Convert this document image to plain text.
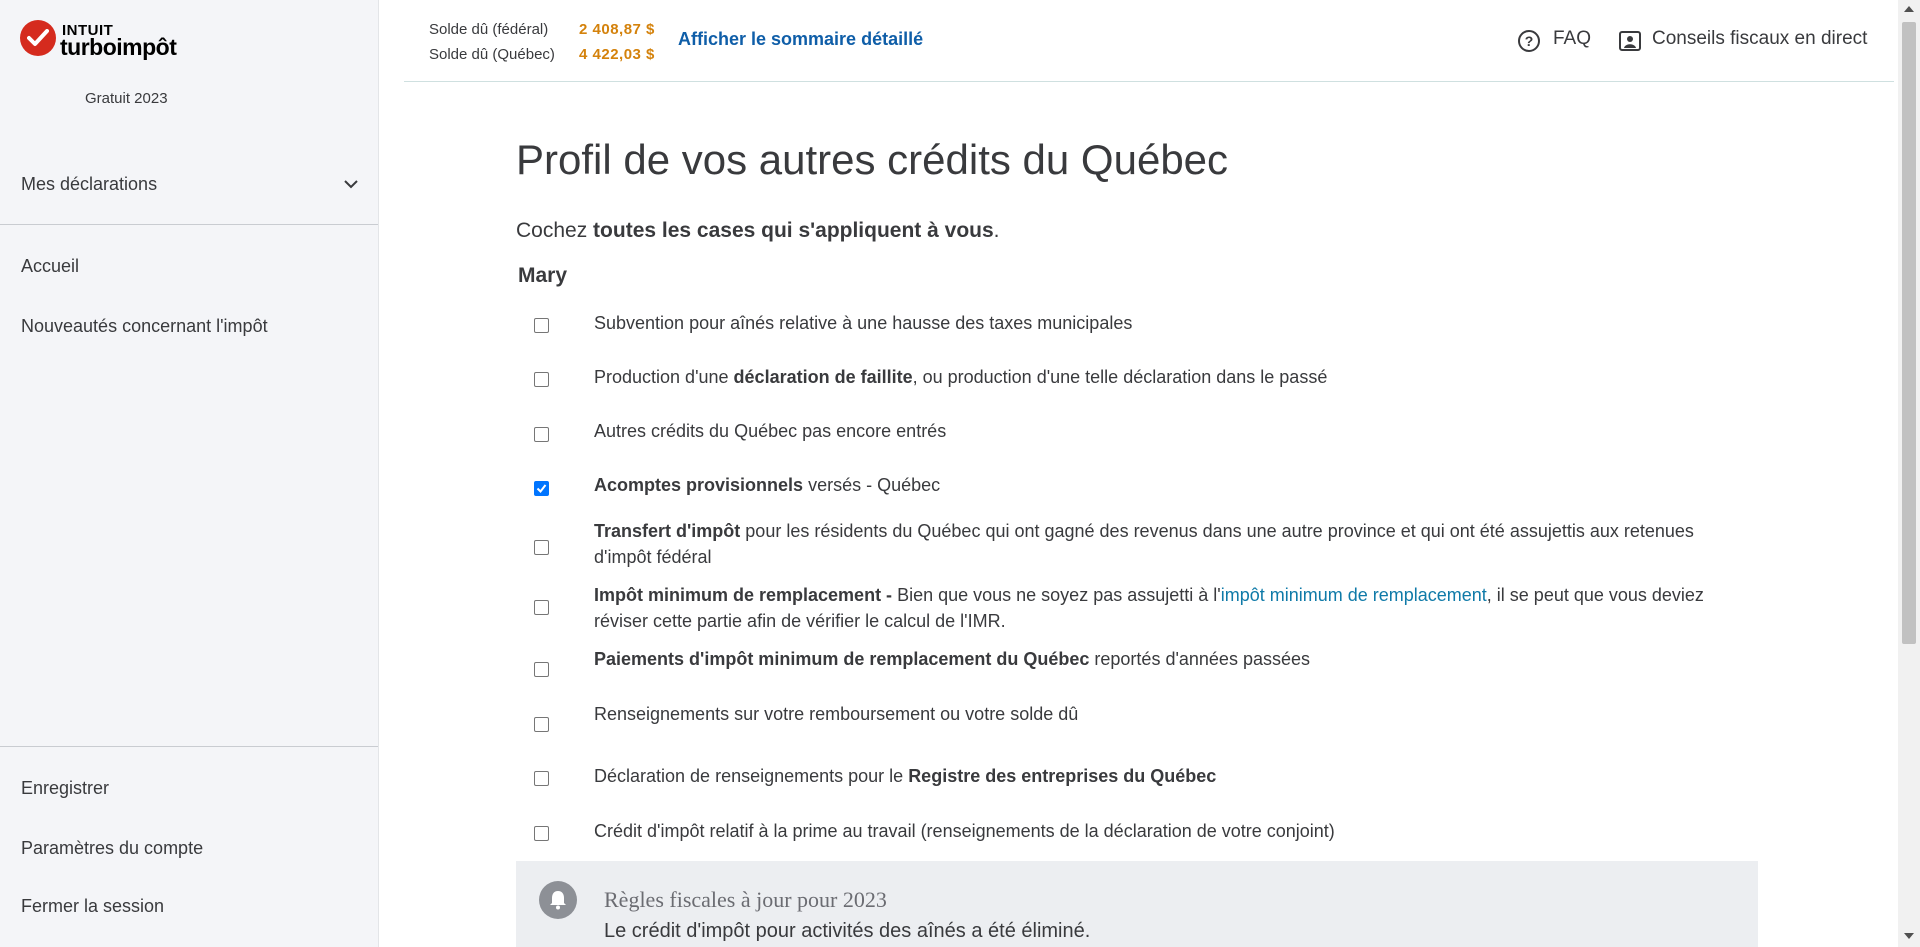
INTUIT
turboimpôt
Gratuit 2023
Mes déclarations
Accueil
Nouveautés concernant l'impôt
Enregistrer
Paramètres du compte
Fermer la session
Solde dû (fédéral) 2 408,87 $
Solde dû (Québec) 4 422,03 $
Afficher le sommaire détaillé	? FAQ	Conseils fiscaux en direct
Profil de vos autres crédits du Québec
Cochez toutes les cases qui s'appliquent à vous.
Mary
Subvention pour aînés relative à une hausse des taxes municipales
Production d'une déclaration de faillite, ou production d'une telle déclaration dans le passé
Autres crédits du Québec pas encore entrés
Acomptes provisionnels versés - Québec
Transfert d'impôt pour les résidents du Québec qui ont gagné des revenus dans une autre province et qui ont été assujettis aux retenues d'impôt fédéral
Impôt minimum de remplacement - Bien que vous ne soyez pas assujetti à l'impôt minimum de remplacement, il se peut que vous deviez réviser cette partie afin de vérifier le calcul de l'IMR.
Paiements d'impôt minimum de remplacement du Québec reportés d'années passées
Renseignements sur votre remboursement ou votre solde dû
Déclaration de renseignements pour le Registre des entreprises du Québec
Crédit d'impôt relatif à la prime au travail (renseignements de la déclaration de votre conjoint)
Règles fiscales à jour pour 2023
Le crédit d'impôt pour activités des aînés a été éliminé.
